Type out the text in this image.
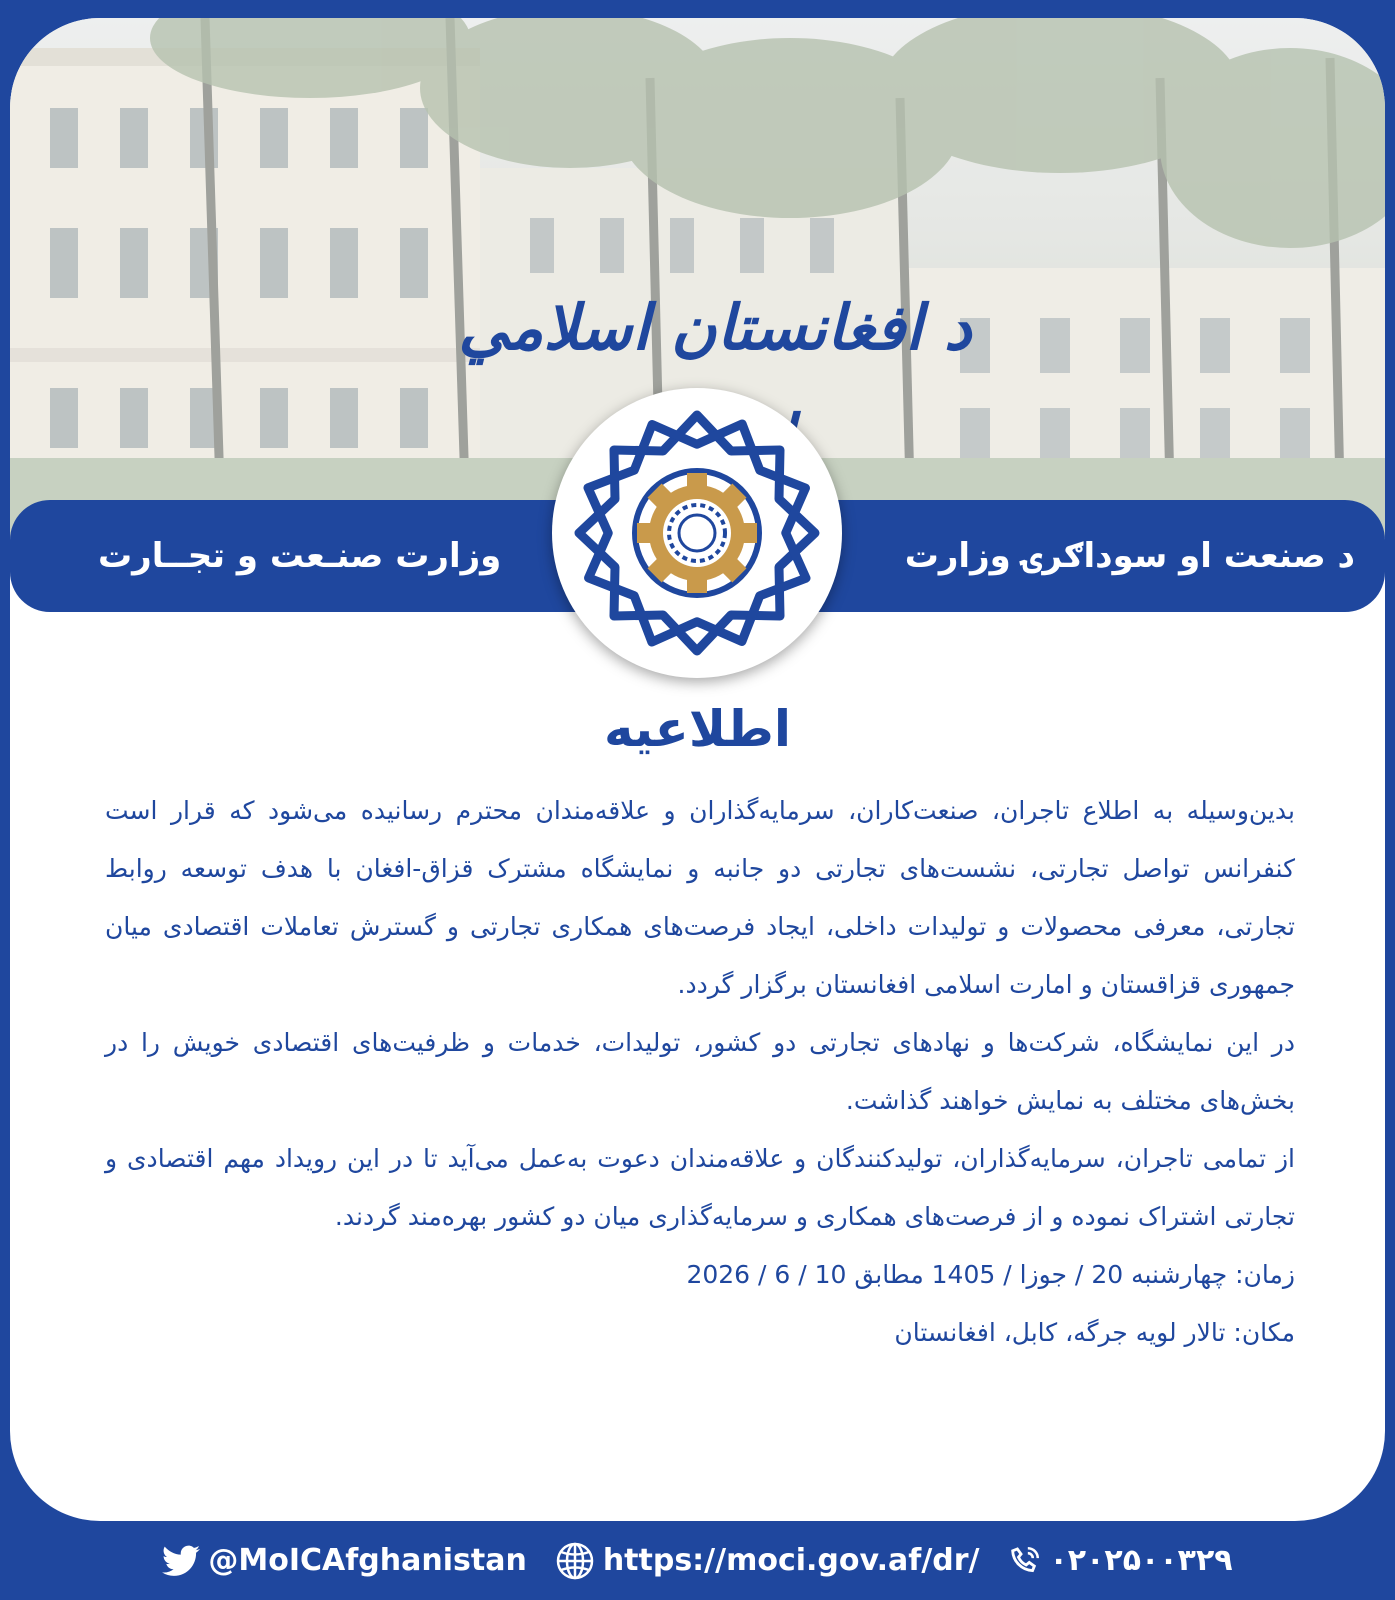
د افغانستان اسلامي
د صنعت او سوداګرۍ وزارت
وزارت صنـعت و تجــارت
اطلاعیه

بدین‌وسیله به اطلاع تاجران، صنعت‌کاران، سرمایه‌گذاران و علاقه‌مندان محترم رسانیده می‌شود که قرار است کنفرانس تواصل تجارتی، نشست‌های تجارتی دو جانبه و نمایشگاه مشترک قزاق-افغان با هدف توسعه روابط تجارتی، معرفی محصولات و تولیدات داخلی، ایجاد فرصت‌های همکاری تجارتی و گسترش تعاملات اقتصادی میان جمهوری قزاقستان و امارت اسلامی افغانستان برگزار گردد.

در این نمایشگاه، شرکت‌ها و نهادهای تجارتی دو کشور، تولیدات، خدمات و ظرفیت‌های اقتصادی خویش را در بخش‌های مختلف به نمایش خواهند گذاشت.

از تمامی تاجران، سرمایه‌گذاران، تولیدکنندگان و علاقه‌مندان دعوت به‌عمل می‌آید تا در این رویداد مهم اقتصادی و تجارتی اشتراک نموده و از فرصت‌های همکاری و سرمایه‌گذاری میان دو کشور بهره‌مند گردند.

زمان: چهارشنبه 20 / جوزا / 1405 مطابق 10 / 6 / 2026

مکان: تالار لویه جرگه، کابل، افغانستان

@MoICAfghanistan	https://moci.gov.af/dr/ ۰۲۰۲۵۰۰۳۲۹
